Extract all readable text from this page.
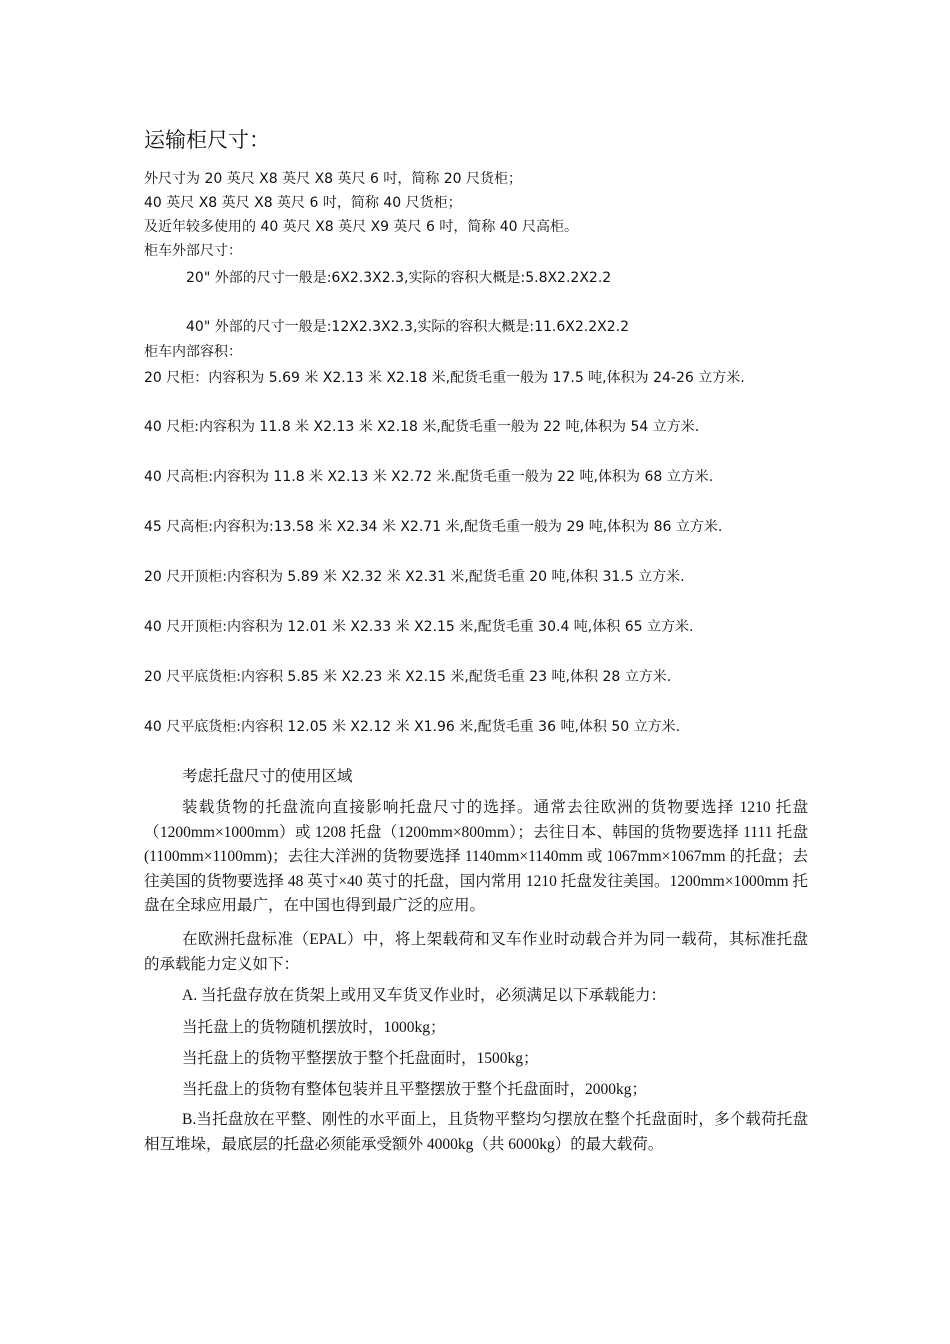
运输柜尺寸：
外尺寸为 20 英尺 X8 英尺 X8 英尺 6 吋，简称 20 尺货柜；
40 英尺 X8 英尺 X8 英尺 6 吋，简称 40 尺货柜；
及近年较多使用的 40 英尺 X8 英尺 X9 英尺 6 吋，简称 40 尺高柜。
柜车外部尺寸：
20" 外部的尺寸一般是:6X2.3X2.3,实际的容积大概是:5.8X2.2X2.2
40" 外部的尺寸一般是:12X2.3X2.3,实际的容积大概是:11.6X2.2X2.2
柜车内部容积：
20 尺柜：内容积为 5.69 米 X2.13 米 X2.18 米,配货毛重一般为 17.5 吨,体积为 24-26 立方米.
40 尺柜:内容积为 11.8 米 X2.13 米 X2.18 米,配货毛重一般为 22 吨,体积为 54 立方米.
40 尺高柜:内容积为 11.8 米 X2.13 米 X2.72 米.配货毛重一般为 22 吨,体积为 68 立方米.
45 尺高柜:内容积为:13.58 米 X2.34 米 X2.71 米,配货毛重一般为 29 吨,体积为 86 立方米.
20 尺开顶柜:内容积为 5.89 米 X2.32 米 X2.31 米,配货毛重 20 吨,体积 31.5 立方米.
40 尺开顶柜:内容积为 12.01 米 X2.33 米 X2.15 米,配货毛重 30.4 吨,体积 65 立方米.
20 尺平底货柜:内容积 5.85 米 X2.23 米 X2.15 米,配货毛重 23 吨,体积 28 立方米.
40 尺平底货柜:内容积 12.05 米 X2.12 米 X1.96 米,配货毛重 36 吨,体积 50 立方米.
考虑托盘尺寸的使用区域
装载货物的托盘流向直接影响托盘尺寸的选择。通常去往欧洲的货物要选择 1210 托盘（1200mm×1000mm）或 1208 托盘（1200mm×800mm）；去往日本、韩国的货物要选择 1111 托盘(1100mm×1100mm)；去往大洋洲的货物要选择 1140mm×1140mm 或 1067mm×1067mm 的托盘；去往美国的货物要选择 48 英寸×40 英寸的托盘，国内常用 1210 托盘发往美国。1200mm×1000mm 托盘在全球应用最广，在中国也得到最广泛的应用。
在欧洲托盘标准（EPAL）中，将上架载荷和叉车作业时动载合并为同一载荷，其标准托盘的承载能力定义如下：
A. 当托盘存放在货架上或用叉车货叉作业时，必须满足以下承载能力：
当托盘上的货物随机摆放时，1000kg；
当托盘上的货物平整摆放于整个托盘面时，1500kg；
当托盘上的货物有整体包装并且平整摆放于整个托盘面时，2000kg；
B.当托盘放在平整、刚性的水平面上，且货物平整均匀摆放在整个托盘面时，多个载荷托盘相互堆垛，最底层的托盘必须能承受额外 4000kg（共 6000kg）的最大载荷。
